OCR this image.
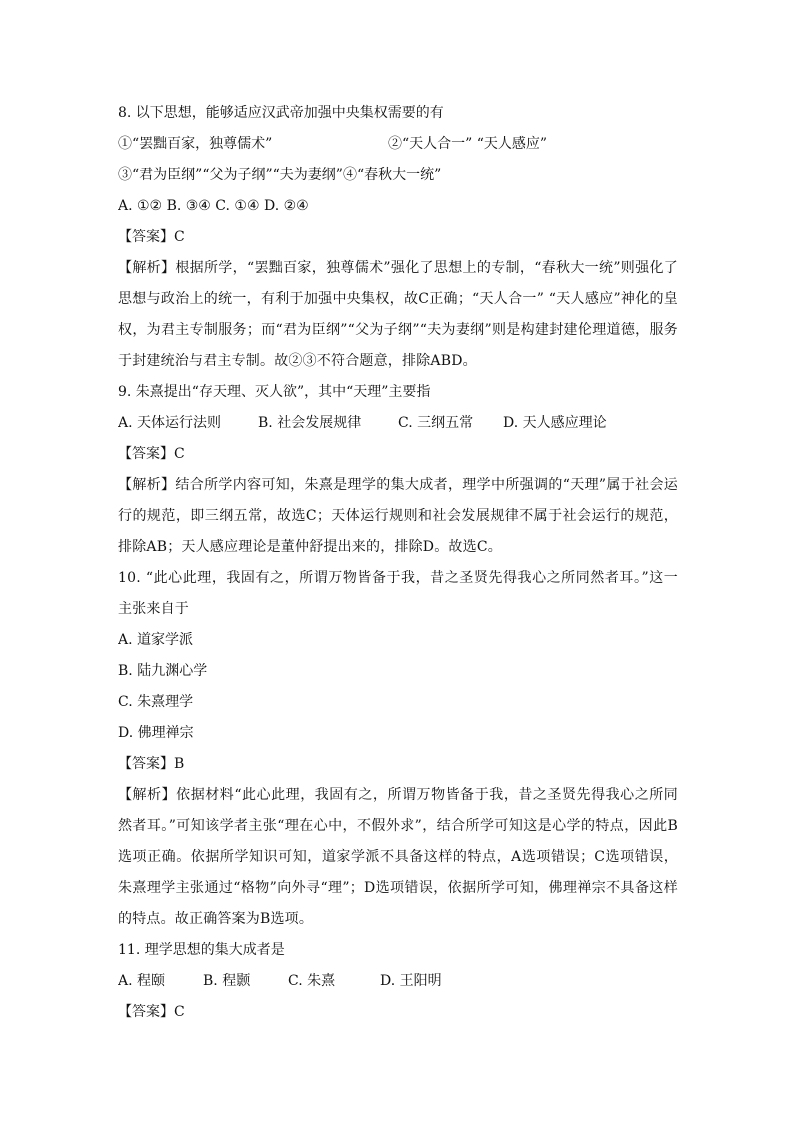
8. 以下思想，能够适应汉武帝加强中央集权需要的有
①“罢黜百家，独尊儒术”	②“天人合一” “天人感应”
③“君为臣纲”“父为子纲”“夫为妻纲”④“春秋大一统”
A. ①② B. ③④ C. ①④ D. ②④
【答案】C
【解析】根据所学，“罢黜百家，独尊儒术”强化了思想上的专制，“春秋大一统”则强化了思想与政治上的统一，有利于加强中央集权，故C正确；“天人合一” “天人感应”神化的皇权，为君主专制服务；而“君为臣纲”“父为子纲”“夫为妻纲”则是构建封建伦理道德，服务于封建统治与君主专制。故②③不符合题意，排除ABD。
9. 朱熹提出“存天理、灭人欲”，其中“天理”主要指
A. 天体运行法则	B. 社会发展规律	C. 三纲五常	D. 天人感应理论
【答案】C
【解析】结合所学内容可知，朱熹是理学的集大成者，理学中所强调的“天理”属于社会运行的规范，即三纲五常，故选C；天体运行规则和社会发展规律不属于社会运行的规范，排除AB；天人感应理论是董仲舒提出来的，排除D。故选C。
10. “此心此理，我固有之，所谓万物皆备于我，昔之圣贤先得我心之所同然者耳。”这一主张来自于
A. 道家学派
B. 陆九渊心学
C. 朱熹理学
D. 佛理禅宗
【答案】B
【解析】依据材料“此心此理，我固有之，所谓万物皆备于我，昔之圣贤先得我心之所同然者耳。”可知该学者主张“理在心中，不假外求”，结合所学可知这是心学的特点，因此B选项正确。依据所学知识可知，道家学派不具备这样的特点，A选项错误；C选项错误，朱熹理学主张通过“格物”向外寻“理”；D选项错误，依据所学可知，佛理禅宗不具备这样的特点。故正确答案为B选项。
11. 理学思想的集大成者是
A. 程颐	B. 程颢	C. 朱熹	D. 王阳明
【答案】C
